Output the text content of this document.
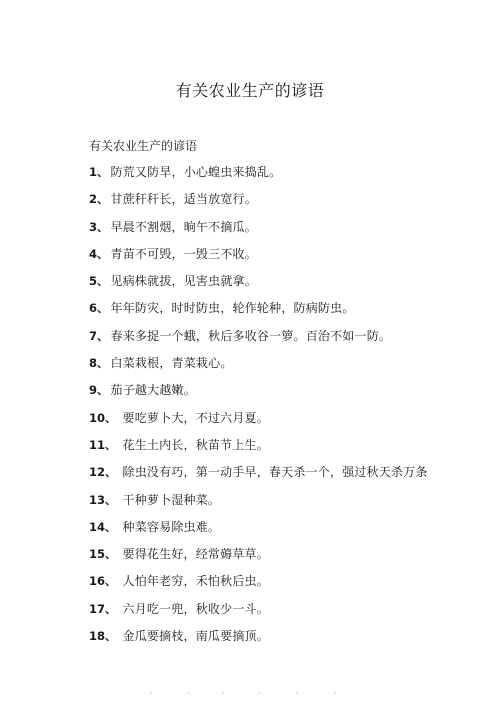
有关农业生产的谚语
有关农业生产的谚语
1 、 防荒又防旱，小心蝗虫来捣乱。
2 、 甘蔗秆秆长，适当放宽行。
3 、 早晨不割烟，晌午不摘瓜。
4 、 青苗不可毁，一毁三不收。
5 、 见病株就拔，见害虫就拿。
6 、 年年防灾，时时防虫，轮作轮种，防病防虫。
7 、 春来多捉一个蛾，秋后多收谷一箩。百治不如一防。
8 、 白菜栽根，青菜栽心。
9 、 茄子越大越嫩。
10 、 要吃萝卜大，不过六月夏。
11 、 花生土内长，秋苗节上生。
12 、 除虫没有巧，第一动手早，春天杀一个，强过秋天杀万条
13 、 干种萝卜湿种菜。
14 、 种菜容易除虫难。
15 、 要得花生好，经常薅草草。
16 、 人怕年老穷，禾怕秋后虫。
17 、 六月吃一兜，秋收少一斗。
18 、 金瓜要摘枝，南瓜要摘顶。
